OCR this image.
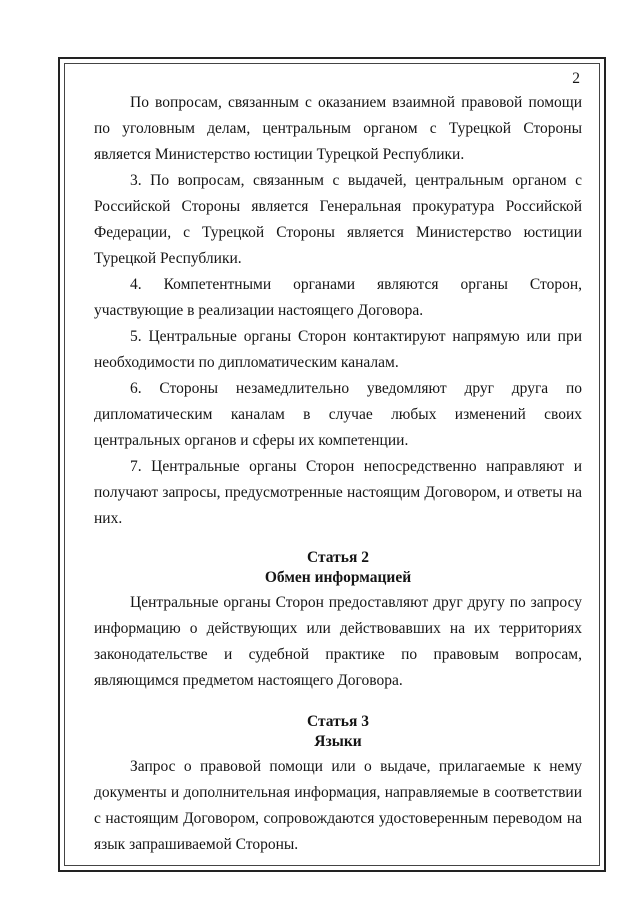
2

По вопросам, связанным с оказанием взаимной правовой помощи по уголовным делам, центральным органом с Турецкой Стороны является Министерство юстиции Турецкой Республики.

3. По вопросам, связанным с выдачей, центральным органом с Российской Стороны является Генеральная прокуратура Российской Федерации, с Турецкой Стороны является Министерство юстиции Турецкой Республики.

4. Компетентными органами являются органы Сторон, участвующие в реализации настоящего Договора.

5. Центральные органы Сторон контактируют напрямую или при необходимости по дипломатическим каналам.

6. Стороны незамедлительно уведомляют друг друга по дипломатическим каналам в случае любых изменений своих центральных органов и сферы их компетенции.

7. Центральные органы Сторон непосредственно направляют и получают запросы, предусмотренные настоящим Договором, и ответы на них.

Статья 2

Обмен информацией

Центральные органы Сторон предоставляют друг другу по запросу информацию о действующих или действовавших на их территориях законодательстве и судебной практике по правовым вопросам, являющимся предметом настоящего Договора.

Статья 3

Языки

Запрос о правовой помощи или о выдаче, прилагаемые к нему документы и дополнительная информация, направляемые в соответствии с настоящим Договором, сопровождаются удостоверенным переводом на язык запрашиваемой Стороны.
